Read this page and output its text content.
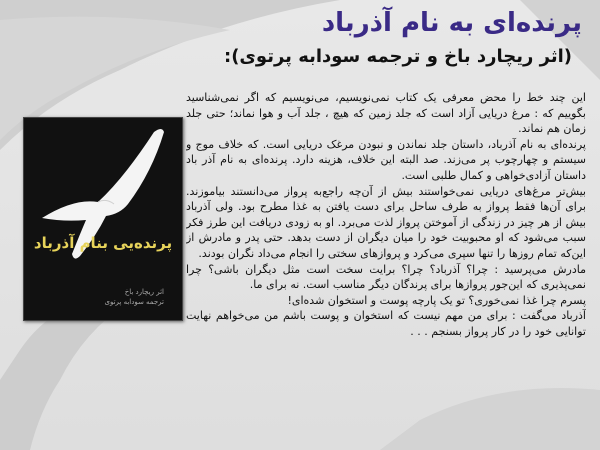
پرنده‌ای به نام آذرباد
(اثر ریچارد باخ و ترجمه سودابه پرتوی):
پرنده‌یی بنام آذرباد
اثر ریچارد باخ
ترجمه سودابه پرتوی

این چند خط را محض معرفی یک کتاب نمی‌نویسیم، می‌نویسیم که اگر نمی‌شناسید بگوییم که : مرغ دریایی آزاد است که جلد زمین که هیچ ، جلد آب و هوا نماند؛ حتی جلد زمان هم نماند.

پرنده‌ای به نام آذرباد، داستان جلد نماندن و نبودن مرغک دریایی است. که خلاف موج و سیستم و چهارچوب پر می‌زند. صد البته این خلاف، هزینه دارد. پرنده‌ای به نام آذر باد داستان آزادی‌خواهی و کمال طلبی است.

بیش‌تر مرغ‌های دریایی نمی‌خواستند بیش از آن‌چه راجع‌به پرواز می‌دانستند بیاموزند. برای آن‌ها فقط پرواز به طرف ساحل برای دست یافتن به غذا مطرح بود. ولی آذرباد بیش از هر چیز در زندگی از آموختن پرواز لذت می‌برد. او به زودی دریافت این طرز فکر سبب می‌شود که او محبوبیت خود را میان دیگران از دست بدهد. حتی پدر و مادرش از این‌که تمام روزها را تنها سپری می‌کرد و پروازهای سختی را انجام می‌داد نگران بودند.

مادرش می‌پرسید : چرا؟ آذرباد؟ چرا؟ برایت سخت است مثل دیگران باشی؟ چرا نمی‌پذیری که این‌جور پروازها برای پرندگان دیگر مناسب است. نه برای ما.

پسرم چرا غذا نمی‌خوری؟ تو یک پارچه پوست و استخوان شده‌ای!

آذرباد می‌گفت : برای من مهم نیست که استخوان و پوست باشم من می‌خواهم نهایت توانایی خود را در کار پرواز بسنجم . . .
